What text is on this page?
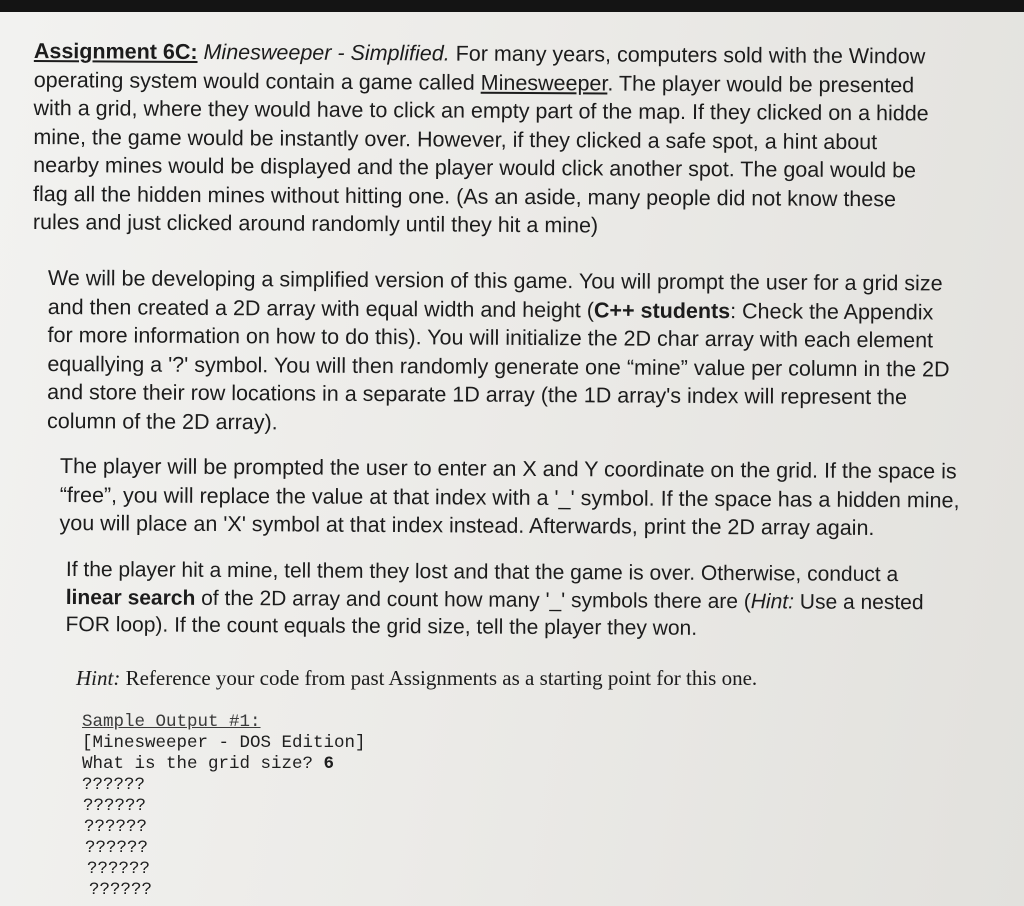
Assignment 6C: Minesweeper - Simplified. For many years, computers sold with the Window
operating system would contain a game called Minesweeper. The player would be presented
with a grid, where they would have to click an empty part of the map. If they clicked on a hidde
mine, the game would be instantly over. However, if they clicked a safe spot, a hint about
nearby mines would be displayed and the player would click another spot. The goal would be
flag all the hidden mines without hitting one. (As an aside, many people did not know these
rules and just clicked around randomly until they hit a mine)
We will be developing a simplified version of this game. You will prompt the user for a grid size
and then created a 2D array with equal width and height (C++ students: Check the Appendix
for more information on how to do this). You will initialize the 2D char array with each element
equallying a '?' symbol. You will then randomly generate one “mine” value per column in the 2D
and store their row locations in a separate 1D array (the 1D array's index will represent the
column of the 2D array).
The player will be prompted the user to enter an X and Y coordinate on the grid. If the space is
“free”, you will replace the value at that index with a '_' symbol. If the space has a hidden mine,
you will place an 'X' symbol at that index instead. Afterwards, print the 2D array again.
If the player hit a mine, tell them they lost and that the game is over. Otherwise, conduct a
linear search of the 2D array and count how many '_' symbols there are (Hint: Use a nested
FOR loop). If the count equals the grid size, tell the player they won.
Hint: Reference your code from past Assignments as a starting point for this one.
Sample Output #1:
[Minesweeper - DOS Edition]
What is the grid size? 6
??????
??????
??????
??????
??????
??????
